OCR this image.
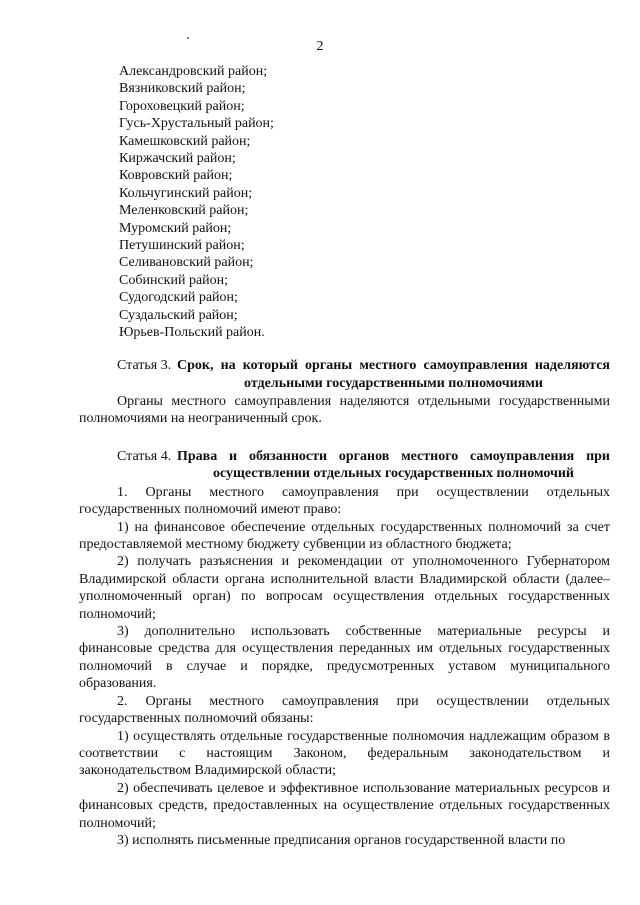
2
Александровский район;
Вязниковский район;
Гороховецкий район;
Гусь-Хрустальный район;
Камешковский район;
Киржачский район;
Ковровский район;
Кольчугинский район;
Меленковский район;
Муромский район;
Петушинский район;
Селивановский район;
Собинский район;
Судогодский район;
Суздальский район;
Юрьев-Польский район.
Статья 3. Срок, на который органы местного самоуправления наделяются отдельными государственными полномочиями

Органы местного самоуправления наделяются отдельными государственными полномочиями на неограниченный срок.

Статья 4. Права и обязанности органов местного самоуправления при осуществлении отдельных государственных полномочий

1. Органы местного самоуправления при осуществлении отдельных государственных полномочий имеют право:

1) на финансовое обеспечение отдельных государственных полномочий за счет предоставляемой местному бюджету субвенции из областного бюджета;

2) получать разъяснения и рекомендации от уполномоченного Губернатором Владимирской области органа исполнительной власти Владимирской области (далее– уполномоченный орган) по вопросам осуществления отдельных государственных полномочий;

3) дополнительно использовать собственные материальные ресурсы и финансовые средства для осуществления переданных им отдельных государственных полномочий в случае и порядке, предусмотренных уставом муниципального образования.

2. Органы местного самоуправления при осуществлении отдельных государственных полномочий обязаны:

1) осуществлять отдельные государственные полномочия надлежащим образом в соответствии с настоящим Законом, федеральным законодательством и законодательством Владимирской области;

2) обеспечивать целевое и эффективное использование материальных ресурсов и финансовых средств, предоставленных на осуществление отдельных государственных полномочий;

3) исполнять письменные предписания органов государственной власти по
